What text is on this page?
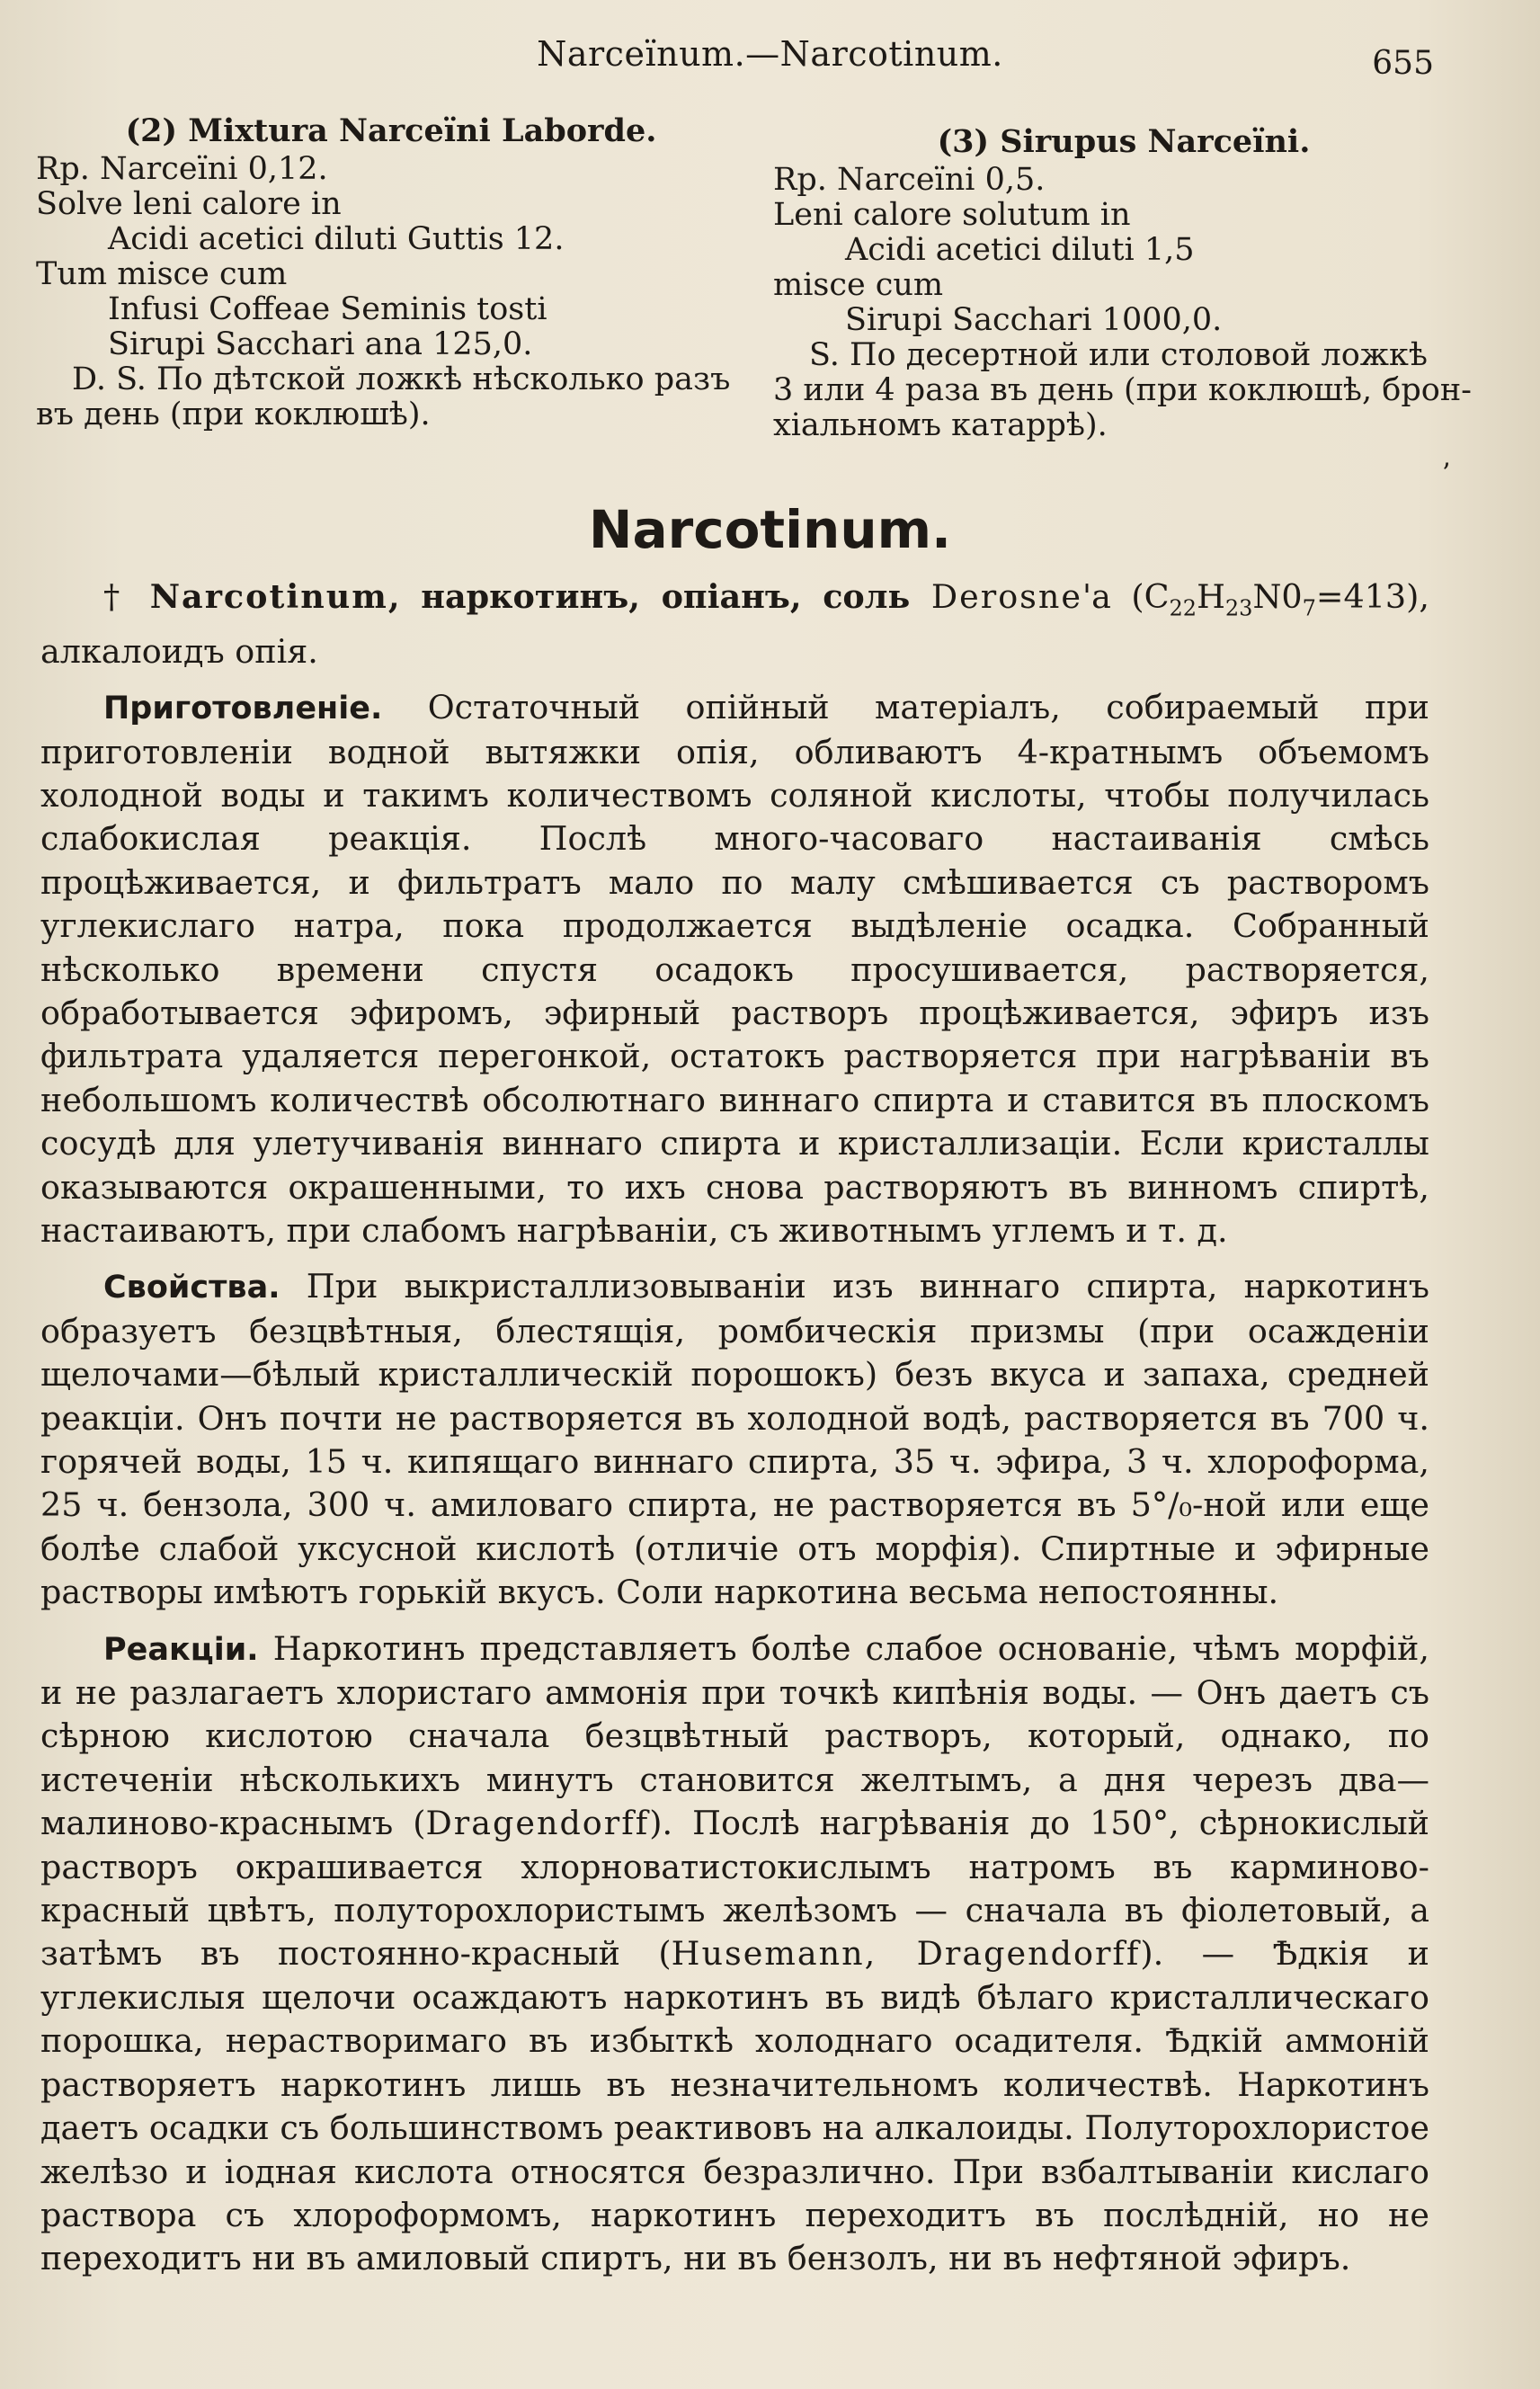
Narceïnum.—Narcotinum.	655
(2) Mixtura Narceïni Laborde.
Rp. Narceïni 0,12.
Solve leni calore in
Acidi acetici diluti Guttis 12.
Tum misce cum
Infusi Coffeae Seminis tosti
Sirupi Sacchari ana 125,0.
D. S. По дѣтской ложкѣ нѣсколько разъ
въ день (при коклюшѣ).
(3) Sirupus Narceïni.
Rp. Narceïni 0,5.
Leni calore solutum in
Acidi acetici diluti 1,5
misce cum
Sirupi Sacchari 1000,0.
S. По десертной или столовой ложкѣ
3 или 4 раза въ день (при коклюшѣ, брон-
хіальномъ катаррѣ).
ʼ
Narcotinum.

† Narcotinum, наркотинъ, опіанъ, соль Derosne'а $(C_{22}H_{23}N0_7=413)$, алкалоидъ опія.

Приготовленіе. Остаточный опійный матеріалъ, собираемый при приготовленіи водной вытяжки опія, обливаютъ 4-кратнымъ объемомъ холодной воды и такимъ количествомъ соляной кислоты, чтобы получилась слабокислая реакція. Послѣ много-часоваго настаиванія смѣсь процѣживается, и фильтратъ мало по малу смѣшивается съ растворомъ углекислаго натра, пока продолжается выдѣленіе осадка. Собранный нѣсколько времени спустя осадокъ просушивается, растворяется, обработывается эфиромъ, эфирный растворъ процѣживается, эфиръ изъ фильтрата удаляется перегонкой, остатокъ растворяется при нагрѣваніи въ небольшомъ количествѣ обсолютнаго виннаго спирта и ставится въ плоскомъ сосудѣ для улетучиванія виннаго спирта и кристаллизаціи. Если кристаллы оказываются окрашенными, то ихъ снова растворяютъ въ винномъ спиртѣ, настаиваютъ, при слабомъ нагрѣваніи, съ животнымъ углемъ и т. д.

Свойства. При выкристаллизовываніи изъ виннаго спирта, наркотинъ образуетъ безцвѣтныя, блестящія, ромбическія призмы (при осажденіи щелочами—бѣлый кристаллическій порошокъ) безъ вкуса и запаха, средней реакціи. Онъ почти не растворяется въ холодной водѣ, растворяется въ 700 ч. горячей воды, 15 ч. кипящаго виннаго спирта, 35 ч. эфира, 3 ч. хлороформа, 25 ч. бензола, 300 ч. амиловаго спирта, не растворяется въ 5°/₀-ной или еще болѣе слабой уксусной кислотѣ (отличіе отъ морфія). Спиртные и эфирные растворы имѣютъ горькій вкусъ. Соли наркотина весьма непостоянны.

Реакціи. Наркотинъ представляетъ болѣе слабое основаніе, чѣмъ морфій, и не разлагаетъ хлористаго аммонія при точкѣ кипѣнія воды. — Онъ даетъ съ сѣрною кислотою сначала безцвѣтный растворъ, который, однако, по истеченіи нѣсколькихъ минутъ становится желтымъ, а дня черезъ два—малиново-краснымъ (Dragendorff). Послѣ нагрѣванія до 150°, сѣрнокислый растворъ окрашивается хлорноватистокислымъ натромъ въ карминово-красный цвѣтъ, полуторохлористымъ желѣзомъ — сначала въ фіолетовый, а затѣмъ въ постоянно-красный (Husemann, Dragendorff). — Ѣдкія и углекислыя щелочи осаждаютъ наркотинъ въ видѣ бѣлаго кристаллическаго порошка, нерастворимаго въ избыткѣ холоднаго осадителя. Ѣдкій аммоній растворяетъ наркотинъ лишь въ незначительномъ количествѣ. Наркотинъ даетъ осадки съ большинствомъ реактивовъ на алкалоиды. Полуторохлористое желѣзо и іодная кислота относятся безразлично. При взбалтываніи кислаго раствора съ хлороформомъ, наркотинъ переходитъ въ послѣдній, но не переходитъ ни въ амиловый спиртъ, ни въ бензолъ, ни въ нефтяной эфиръ.
